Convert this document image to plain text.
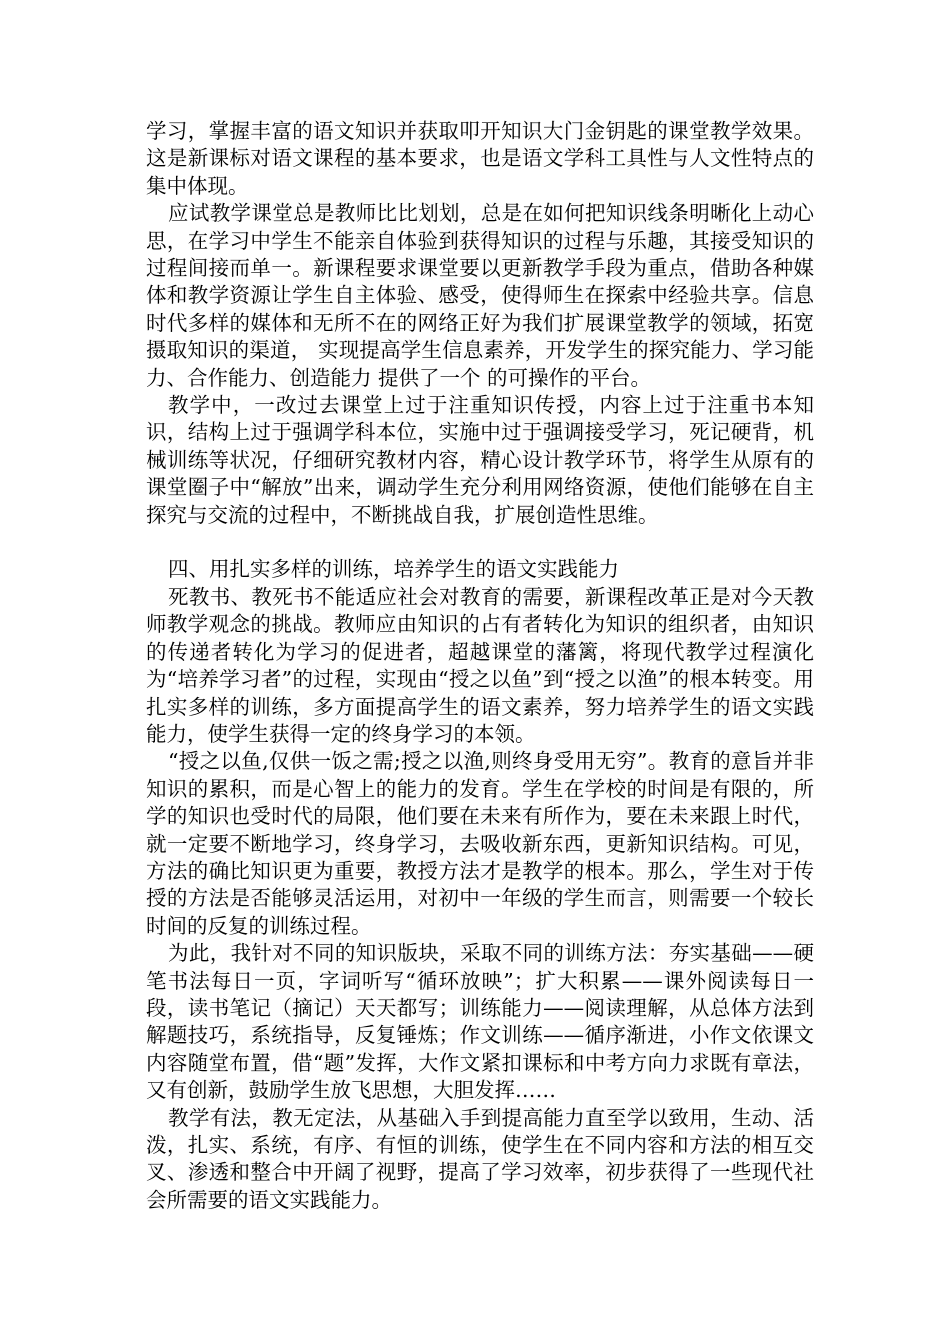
学习，掌握丰富的语文知识并获取叩开知识大门金钥匙的课堂教学效果。这是新课标对语文课程的基本要求，也是语文学科工具性与人文性特点的集中体现。

应试教学课堂总是教师比比划划，总是在如何把知识线条明晰化上动心思，在学习中学生不能亲自体验到获得知识的过程与乐趣，其接受知识的过程间接而单一。新课程要求课堂要以更新教学手段为重点，借助各种媒体和教学资源让学生自主体验、感受，使得师生在探索中经验共享。信息时代多样的媒体和无所不在的网络正好为我们扩展课堂教学的领域，拓宽摄取知识的渠道， 实现提高学生信息素养，开发学生的探究能力、学习能力、合作能力、创造能力 提供了一个 的可操作的平台。

教学中，一改过去课堂上过于注重知识传授，内容上过于注重书本知识，结构上过于强调学科本位，实施中过于强调接受学习，死记硬背，机械训练等状况，仔细研究教材内容，精心设计教学环节，将学生从原有的课堂圈子中“解放”出来，调动学生充分利用网络资源，使他们能够在自主探究与交流的过程中，不断挑战自我，扩展创造性思维。

四、用扎实多样的训练，培养学生的语文实践能力

死教书、教死书不能适应社会对教育的需要，新课程改革正是对今天教师教学观念的挑战。教师应由知识的占有者转化为知识的组织者，由知识的传递者转化为学习的促进者，超越课堂的藩篱，将现代教学过程演化为“培养学习者”的过程，实现由“授之以鱼”到“授之以渔”的根本转变。用扎实多样的训练，多方面提高学生的语文素养，努力培养学生的语文实践能力，使学生获得一定的终身学习的本领。

“授之以鱼,仅供一饭之需;授之以渔,则终身受用无穷”。教育的意旨并非知识的累积，而是心智上的能力的发育。学生在学校的时间是有限的，所学的知识也受时代的局限，他们要在未来有所作为，要在未来跟上时代，就一定要不断地学习，终身学习，去吸收新东西，更新知识结构。可见，方法的确比知识更为重要，教授方法才是教学的根本。那么，学生对于传授的方法是否能够灵活运用，对初中一年级的学生而言，则需要一个较长时间的反复的训练过程。

为此，我针对不同的知识版块，采取不同的训练方法：夯实基础——硬笔书法每日一页，字词听写“循环放映”；扩大积累——课外阅读每日一段，读书笔记（摘记）天天都写；训练能力——阅读理解，从总体方法到解题技巧，系统指导，反复锤炼；作文训练——循序渐进，小作文依课文内容随堂布置，借“题”发挥，大作文紧扣课标和中考方向力求既有章法，又有创新，鼓励学生放飞思想，大胆发挥……

教学有法，教无定法，从基础入手到提高能力直至学以致用，生动、活泼，扎实、系统，有序、有恒的训练，使学生在不同内容和方法的相互交叉、渗透和整合中开阔了视野，提高了学习效率，初步获得了一些现代社会所需要的语文实践能力。
